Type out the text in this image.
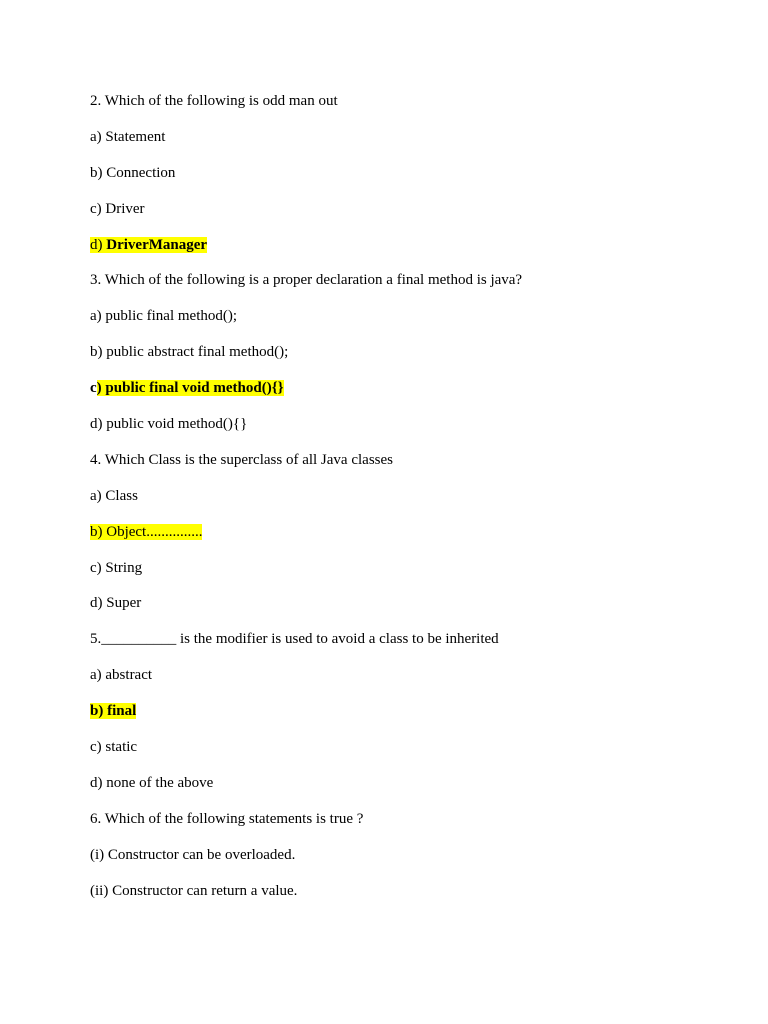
2. Which of the following is odd man out
a) Statement
b) Connection
c) Driver
d) DriverManager
3. Which of the following is a proper declaration a final method is java?
a) public final method();
b) public abstract final method();
c) public final void method(){}
d) public void method(){}
4. Which Class is the superclass of all Java classes
a) Class
b) Object...............
c) String
d) Super
5.__________ is the modifier is used to avoid a class to be inherited
a) abstract
b) final
c) static
d) none of the above
6. Which of the following statements is true ?
(i) Constructor can be overloaded.
(ii) Constructor can return a value.
